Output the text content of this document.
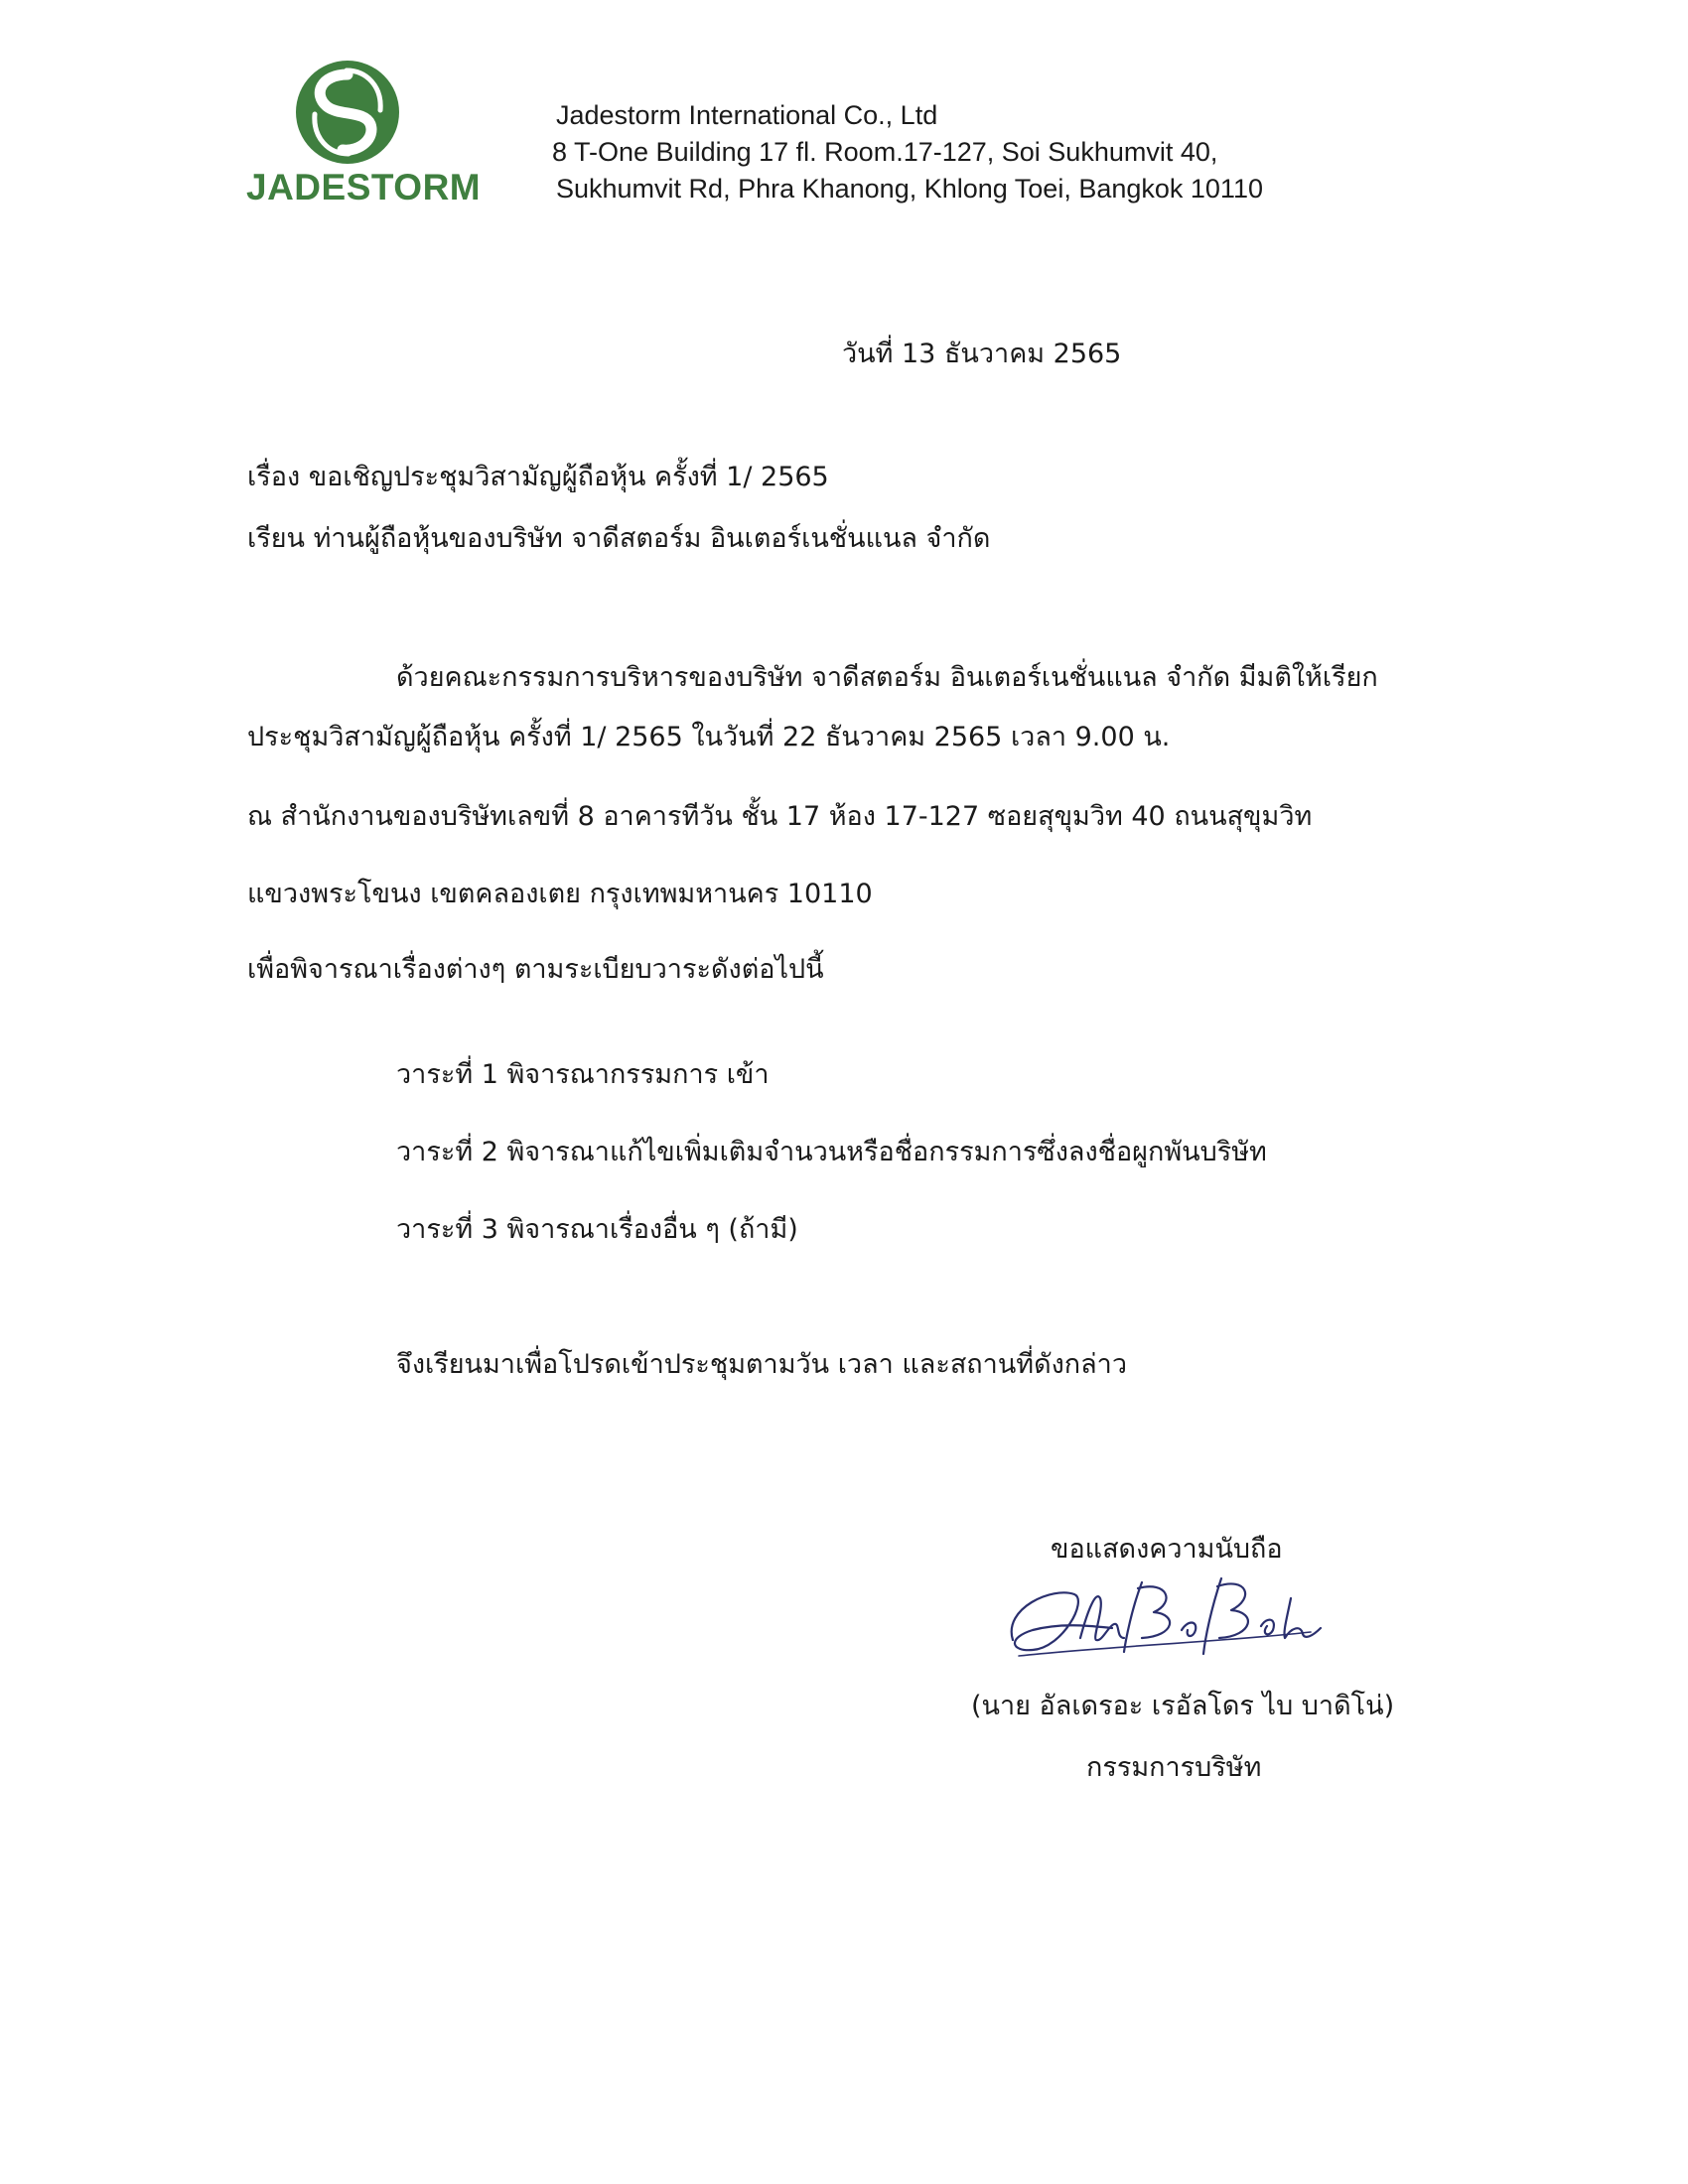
JADESTORM
Jadestorm International Co., Ltd
8 T-One Building 17 fl. Room.17-127, Soi Sukhumvit 40,
Sukhumvit Rd, Phra Khanong, Khlong Toei, Bangkok 10110
วันที่ 13 ธันวาคม 2565
เรื่อง ขอเชิญประชุมวิสามัญผู้ถือหุ้น ครั้งที่ 1/ 2565
เรียน ท่านผู้ถือหุ้นของบริษัท จาดีสตอร์ม อินเตอร์เนชั่นแนล จำกัด
ด้วยคณะกรรมการบริหารของบริษัท จาดีสตอร์ม อินเตอร์เนชั่นแนล จำกัด มีมติให้เรียก
ประชุมวิสามัญผู้ถือหุ้น ครั้งที่ 1/ 2565 ในวันที่ 22 ธันวาคม 2565 เวลา 9.00 น.
ณ สำนักงานของบริษัทเลขที่ 8 อาคารทีวัน ชั้น 17 ห้อง 17-127 ซอยสุขุมวิท 40 ถนนสุขุมวิท
แขวงพระโขนง เขตคลองเตย กรุงเทพมหานคร 10110
เพื่อพิจารณาเรื่องต่างๆ ตามระเบียบวาระดังต่อไปนี้
วาระที่ 1 พิจารณากรรมการ เข้า
วาระที่ 2 พิจารณาแก้ไขเพิ่มเติมจำนวนหรือชื่อกรรมการซึ่งลงชื่อผูกพันบริษัท
วาระที่ 3 พิจารณาเรื่องอื่น ๆ (ถ้ามี)
จึงเรียนมาเพื่อโปรดเข้าประชุมตามวัน เวลา และสถานที่ดังกล่าว
ขอแสดงความนับถือ
(นาย อัลเดรอะ เรอัลโดร ไบ บาดิโน่)
กรรมการบริษัท
